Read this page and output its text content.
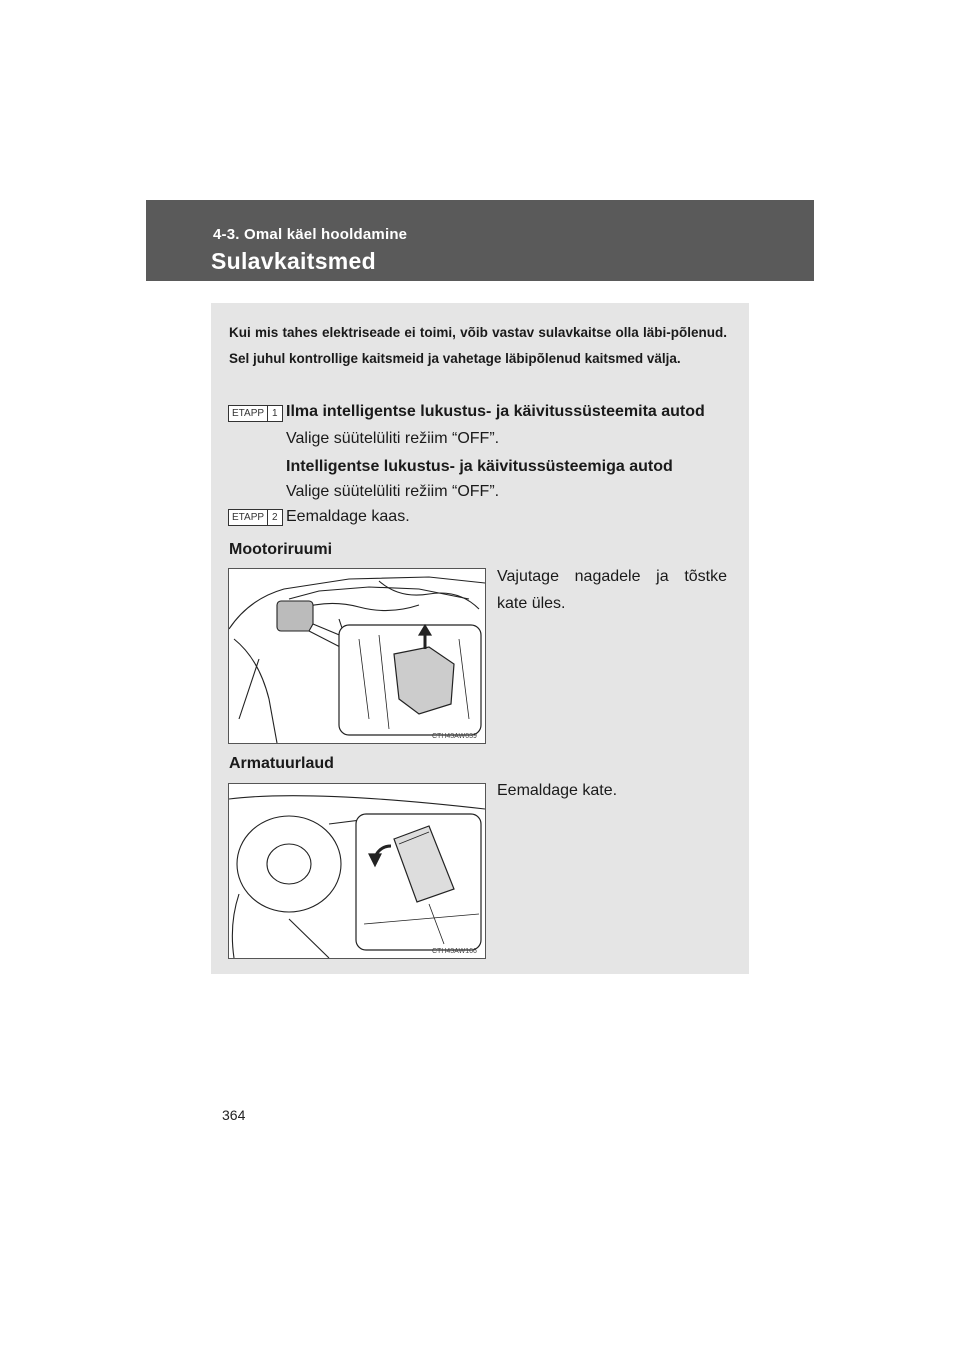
4-3. Omal käel hooldamine
Sulavkaitsmed
Kui mis tahes elektriseade ei toimi, võib vastav sulavkaitse olla läbi-põlenud. Sel juhul kontrollige kaitsmeid ja vahetage läbipõlenud kaitsmed välja.
ETAPP 1 Ilma intelligentse lukustus- ja käivitussüsteemita autod
Valige süütelüliti režiim “OFF”.
Intelligentse lukustus- ja käivitussüsteemiga autod
Valige süütelüliti režiim “OFF”.
ETAPP 2 Eemaldage kaas.
Mootoriruumi
CTH43AW039
Vajutage nagadele ja tõstke kate üles.
Armatuurlaud
CTH43AW166
Eemaldage kate.
364
